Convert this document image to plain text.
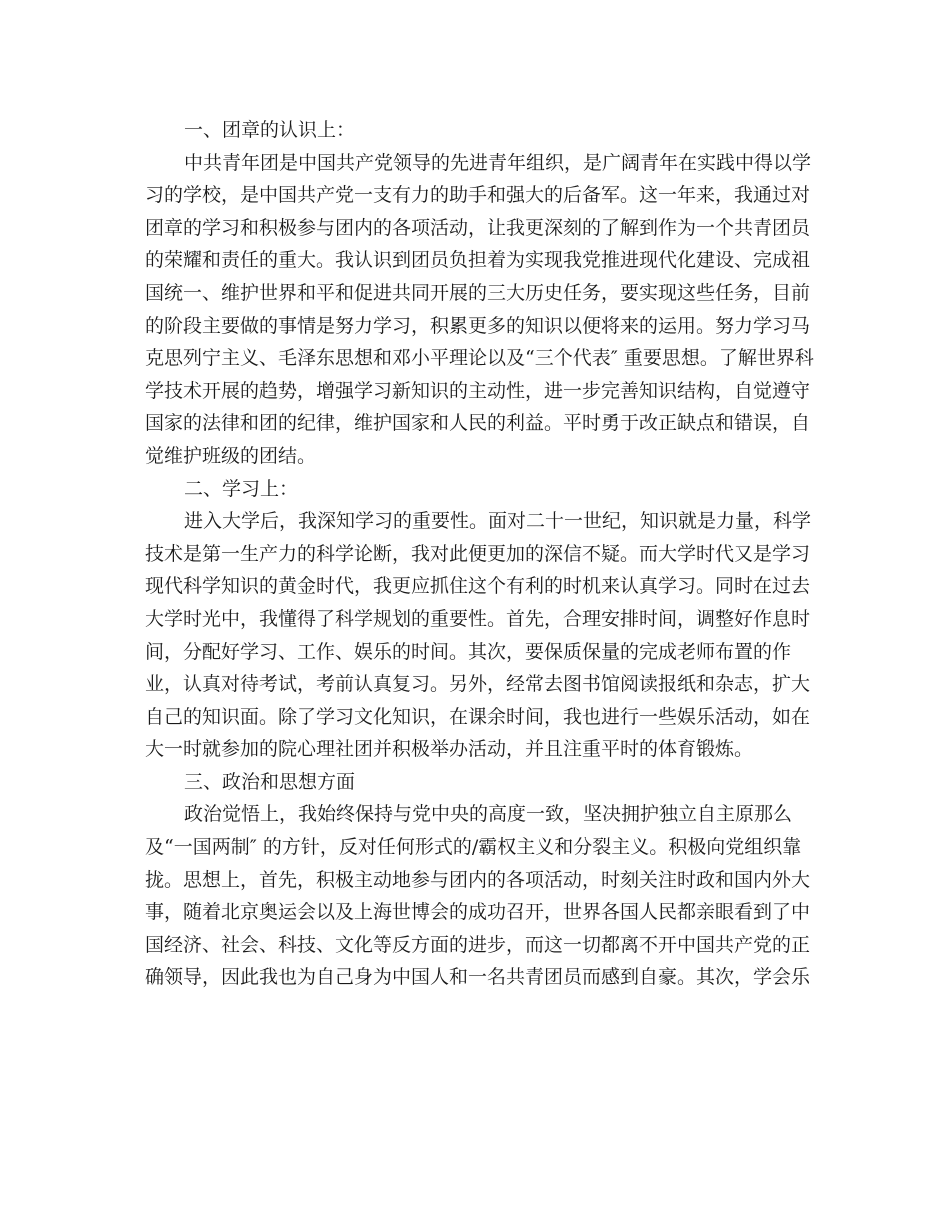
一、团章的认识上：
中共青年团是中国共产党领导的先进青年组织，是广阔青年在实践中得以学
习的学校，是中国共产党一支有力的助手和强大的后备军。这一年来，我通过对
团章的学习和积极参与团内的各项活动，让我更深刻的了解到作为一个共青团员
的荣耀和责任的重大。我认识到团员负担着为实现我党推进现代化建设、完成祖
国统一、维护世界和平和促进共同开展的三大历史任务，要实现这些任务，目前
的阶段主要做的事情是努力学习，积累更多的知识以便将来的运用。努力学习马
克思列宁主义、毛泽东思想和邓小平理论以及“三个代表″ 重要思想。了解世界科
学技术开展的趋势，增强学习新知识的主动性，进一步完善知识结构，自觉遵守
国家的法律和团的纪律，维护国家和人民的利益。平时勇于改正缺点和错误，自
觉维护班级的团结。
二、学习上：
进入大学后，我深知学习的重要性。面对二十一世纪，知识就是力量，科学
技术是第一生产力的科学论断，我对此便更加的深信不疑。而大学时代又是学习
现代科学知识的黄金时代，我更应抓住这个有利的时机来认真学习。同时在过去
大学时光中，我懂得了科学规划的重要性。首先，合理安排时间，调整好作息时
间，分配好学习、工作、娱乐的时间。其次，要保质保量的完成老师布置的作
业，认真对待考试，考前认真复习。另外，经常去图书馆阅读报纸和杂志，扩大
自己的知识面。除了学习文化知识，在课余时间，我也进行一些娱乐活动，如在
大一时就参加的院心理社团并积极举办活动，并且注重平时的体育锻炼。
三、政治和思想方面
政治觉悟上，我始终保持与党中央的高度一致，坚决拥护独立自主原那么
及“一国两制″ 的方针，反对任何形式的/霸权主义和分裂主义。积极向党组织靠
拢。思想上，首先，积极主动地参与团内的各项活动，时刻关注时政和国内外大
事，随着北京奥运会以及上海世博会的成功召开，世界各国人民都亲眼看到了中
国经济、社会、科技、文化等反方面的进步，而这一切都离不开中国共产党的正
确领导，因此我也为自己身为中国人和一名共青团员而感到自豪。其次，学会乐
